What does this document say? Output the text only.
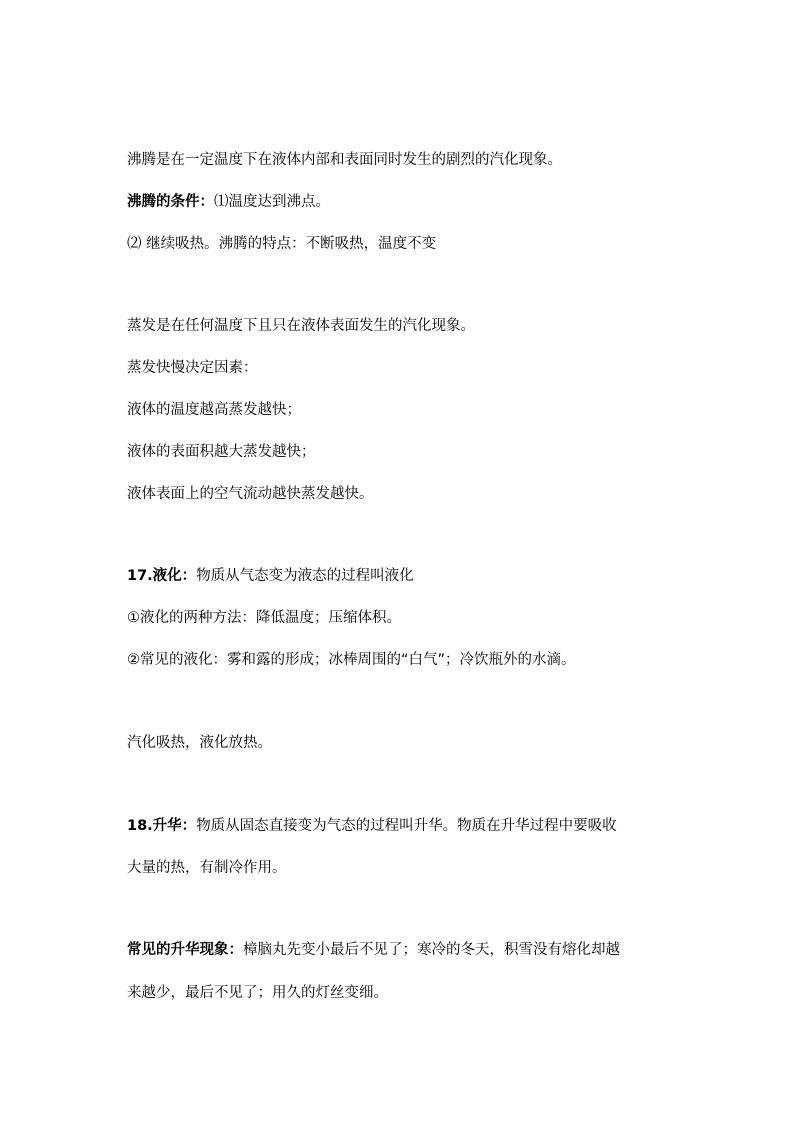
沸腾是在一定温度下在液体内部和表面同时发生的剧烈的汽化现象。
沸腾的条件：⑴温度达到沸点。
⑵ 继续吸热。沸腾的特点：不断吸热，温度不变
蒸发是在任何温度下且只在液体表面发生的汽化现象。
蒸发快慢决定因素：
液体的温度越高蒸发越快；
液体的表面积越大蒸发越快；
液体表面上的空气流动越快蒸发越快。
17.液化：物质从气态变为液态的过程叫液化
①液化的两种方法：降低温度；压缩体积。
②常见的液化：雾和露的形成；冰棒周围的“白气”；冷饮瓶外的水滴。
汽化吸热，液化放热。
18.升华：物质从固态直接变为气态的过程叫升华。物质在升华过程中要吸收
大量的热，有制冷作用。
常见的升华现象：樟脑丸先变小最后不见了；寒冷的冬天，积雪没有熔化却越
来越少，最后不见了；用久的灯丝变细。
